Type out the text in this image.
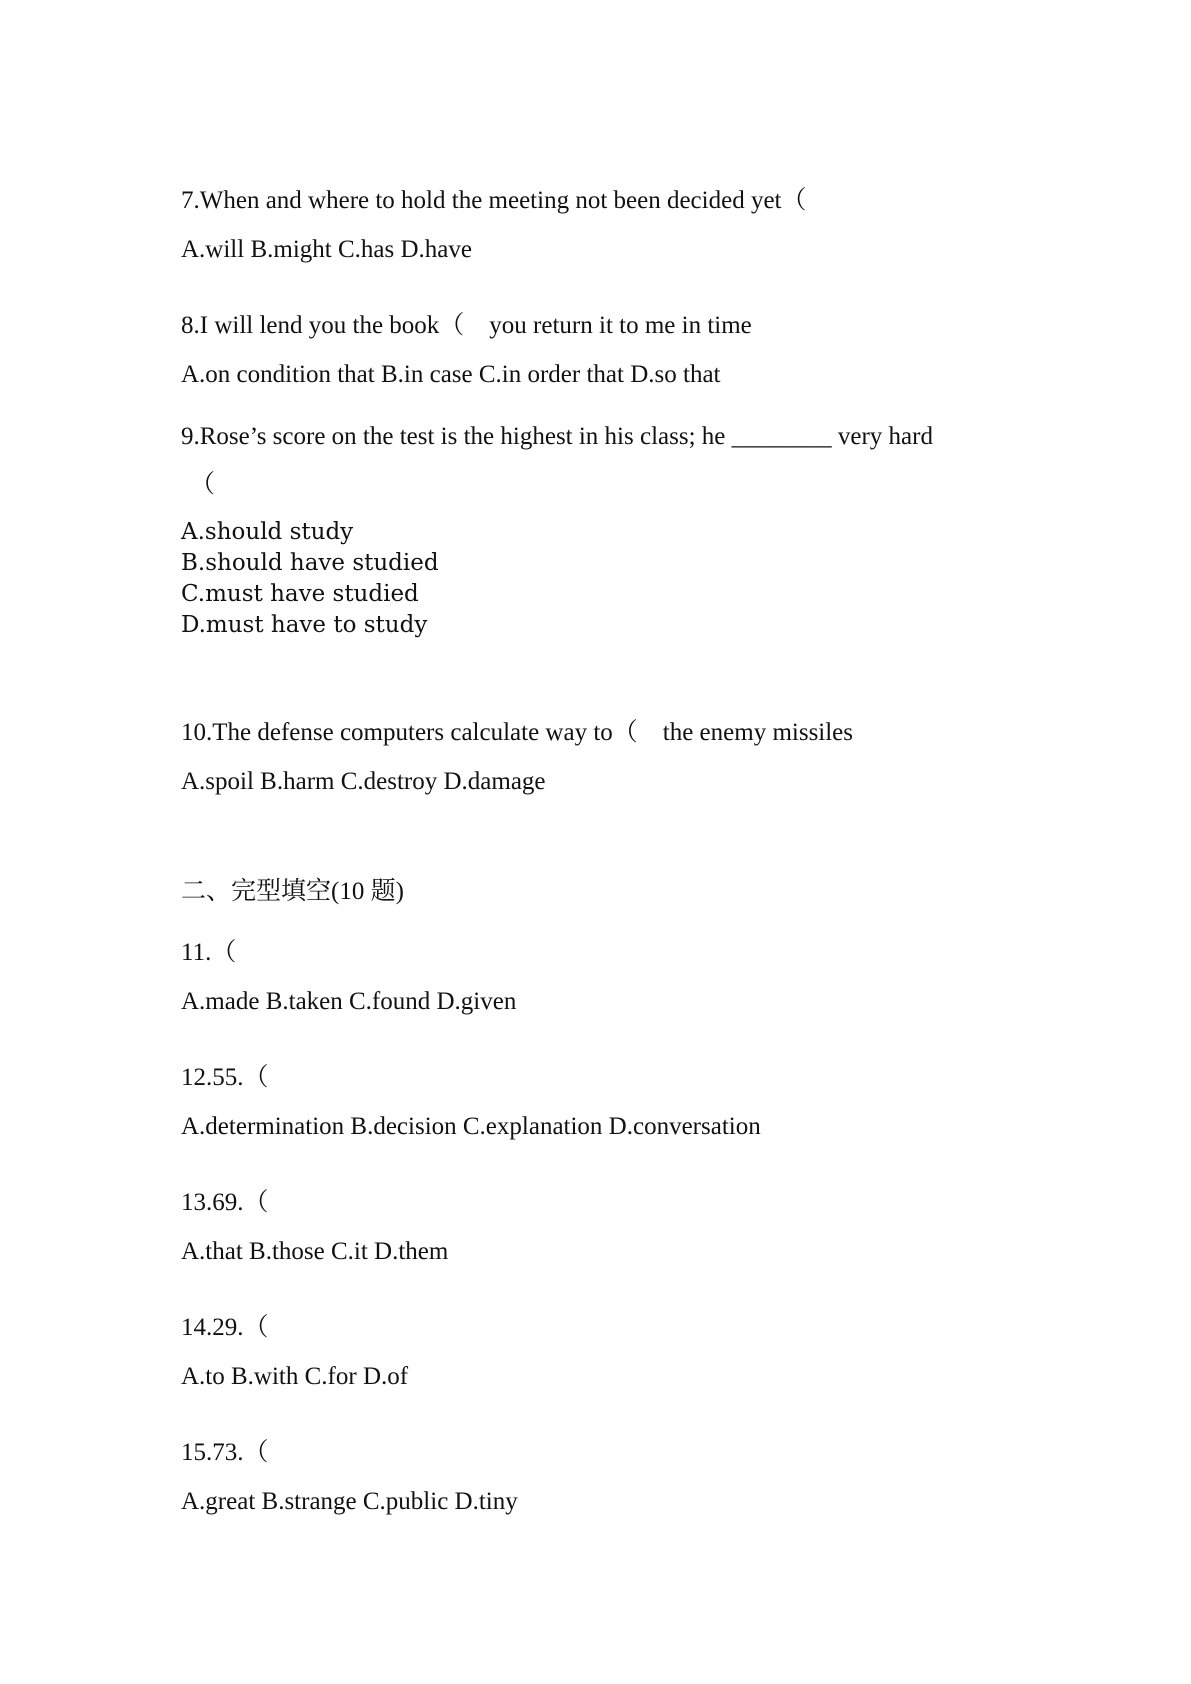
7.When and where to hold the meeting not been decided yet（
A.will B.might C.has D.have
8.I will lend you the book（    you return it to me in time
A.on condition that B.in case C.in order that D.so that
9.Rose’s score on the test is the highest in his class; he ________ very hard
（
A.should study
B.should have studied
C.must have studied
D.must have to study
10.The defense computers calculate way to（    the enemy missiles
A.spoil B.harm C.destroy D.damage
二、完型填空(10 题)
11.（
A.made B.taken C.found D.given
12.55.（
A.determination B.decision C.explanation D.conversation
13.69.（
A.that B.those C.it D.them
14.29.（
A.to B.with C.for D.of
15.73.（
A.great B.strange C.public D.tiny
